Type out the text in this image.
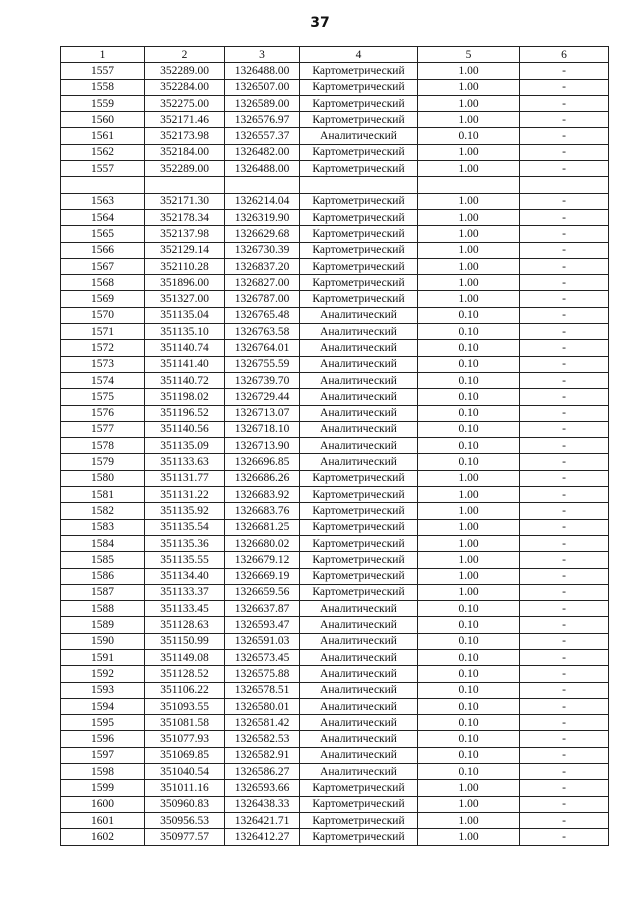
37
1	2	3	4	5	6
1557	352289.00	1326488.00	Картометрический	1.00	-
1558	352284.00	1326507.00	Картометрический	1.00	-
1559	352275.00	1326589.00	Картометрический	1.00	-
1560	352171.46	1326576.97	Картометрический	1.00	-
1561	352173.98	1326557.37	Аналитический	0.10	-
1562	352184.00	1326482.00	Картометрический	1.00	-
1557	352289.00	1326488.00	Картометрический	1.00	-

1563	352171.30	1326214.04	Картометрический	1.00	-
1564	352178.34	1326319.90	Картометрический	1.00	-
1565	352137.98	1326629.68	Картометрический	1.00	-
1566	352129.14	1326730.39	Картометрический	1.00	-
1567	352110.28	1326837.20	Картометрический	1.00	-
1568	351896.00	1326827.00	Картометрический	1.00	-
1569	351327.00	1326787.00	Картометрический	1.00	-
1570	351135.04	1326765.48	Аналитический	0.10	-
1571	351135.10	1326763.58	Аналитический	0.10	-
1572	351140.74	1326764.01	Аналитический	0.10	-
1573	351141.40	1326755.59	Аналитический	0.10	-
1574	351140.72	1326739.70	Аналитический	0.10	-
1575	351198.02	1326729.44	Аналитический	0.10	-
1576	351196.52	1326713.07	Аналитический	0.10	-
1577	351140.56	1326718.10	Аналитический	0.10	-
1578	351135.09	1326713.90	Аналитический	0.10	-
1579	351133.63	1326696.85	Аналитический	0.10	-
1580	351131.77	1326686.26	Картометрический	1.00	-
1581	351131.22	1326683.92	Картометрический	1.00	-
1582	351135.92	1326683.76	Картометрический	1.00	-
1583	351135.54	1326681.25	Картометрический	1.00	-
1584	351135.36	1326680.02	Картометрический	1.00	-
1585	351135.55	1326679.12	Картометрический	1.00	-
1586	351134.40	1326669.19	Картометрический	1.00	-
1587	351133.37	1326659.56	Картометрический	1.00	-
1588	351133.45	1326637.87	Аналитический	0.10	-
1589	351128.63	1326593.47	Аналитический	0.10	-
1590	351150.99	1326591.03	Аналитический	0.10	-
1591	351149.08	1326573.45	Аналитический	0.10	-
1592	351128.52	1326575.88	Аналитический	0.10	-
1593	351106.22	1326578.51	Аналитический	0.10	-
1594	351093.55	1326580.01	Аналитический	0.10	-
1595	351081.58	1326581.42	Аналитический	0.10	-
1596	351077.93	1326582.53	Аналитический	0.10	-
1597	351069.85	1326582.91	Аналитический	0.10	-
1598	351040.54	1326586.27	Аналитический	0.10	-
1599	351011.16	1326593.66	Картометрический	1.00	-
1600	350960.83	1326438.33	Картометрический	1.00	-
1601	350956.53	1326421.71	Картометрический	1.00	-
1602	350977.57	1326412.27	Картометрический	1.00	-
